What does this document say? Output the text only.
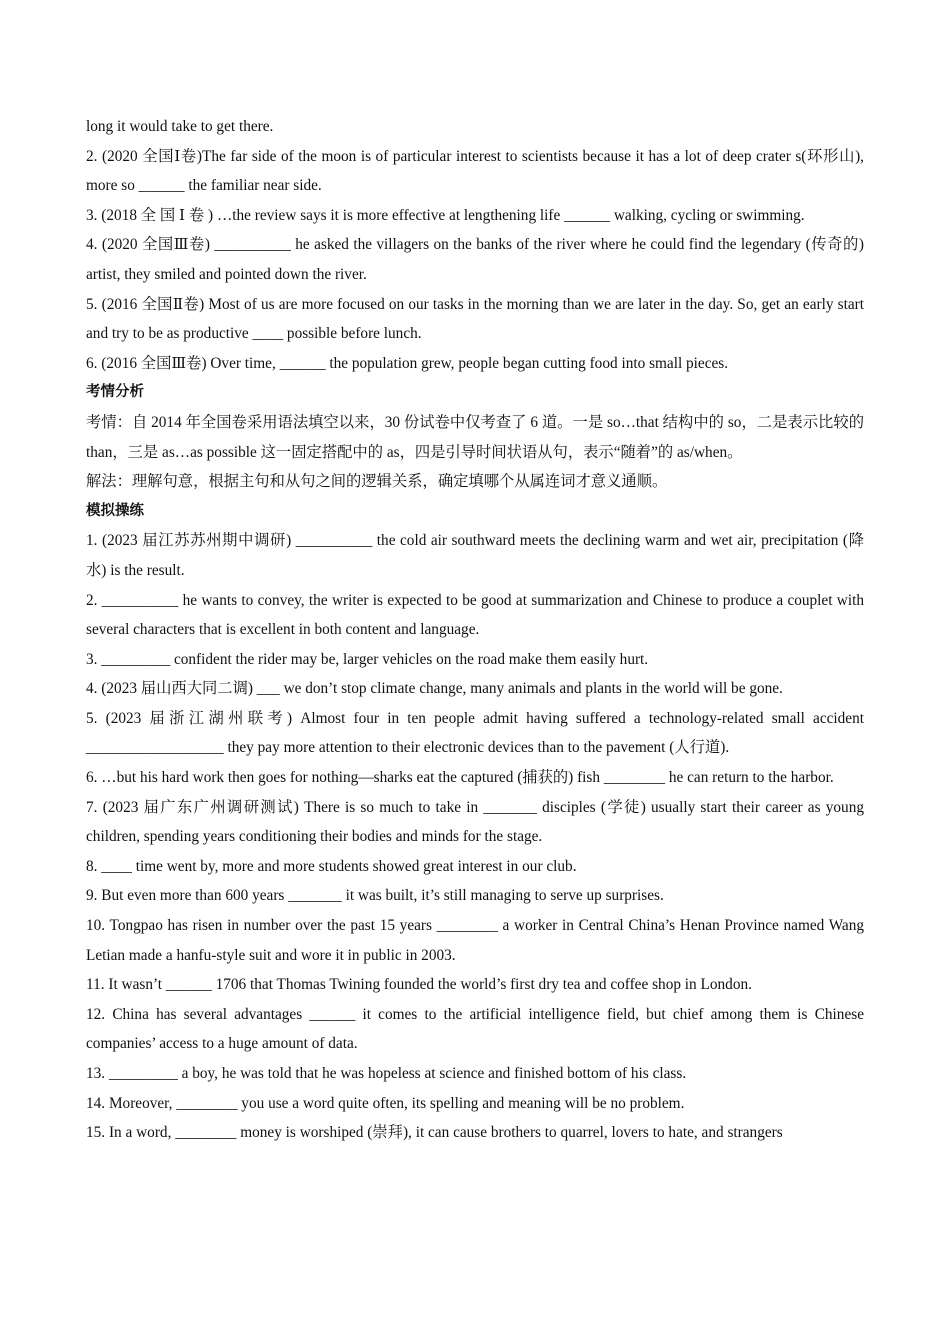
long it would take to get there.

2. (2020 全国Ⅰ卷)The far side of the moon is of particular interest to scientists because it has a lot of deep crater s(环形山), more so ______ the familiar near side.

3. (2018 全 国 Ⅰ 卷 ) …the review says it is more effective at lengthening life ______ walking, cycling or swimming.

4. (2020 全国Ⅲ卷) __________ he asked the villagers on the banks of the river where he could find the legendary (传奇的) artist, they smiled and pointed down the river.

5. (2016 全国Ⅱ卷) Most of us are more focused on our tasks in the morning than we are later in the day. So, get an early start and try to be as productive ____ possible before lunch.

6. (2016 全国Ⅲ卷) Over time, ______ the population grew, people began cutting food into small pieces.

考情分析

考情：自 2014 年全国卷采用语法填空以来，30 份试卷中仅考查了 6 道。一是 so…that 结构中的 so，二是表示比较的 than，三是 as…as possible 这一固定搭配中的 as，四是引导时间状语从句，表示“随着”的 as/when。

解法：理解句意，根据主句和从句之间的逻辑关系，确定填哪个从属连词才意义通顺。

模拟操练

1. (2023 届江苏苏州期中调研) __________ the cold air southward meets the declining warm and wet air, precipitation (降水) is the result.

2. __________ he wants to convey, the writer is expected to be good at summarization and Chinese to produce a couplet with several characters that is excellent in both content and language.

3. _________ confident the rider may be, larger vehicles on the road make them easily hurt.

4. (2023 届山西大同二调) ___ we don’t stop climate change, many animals and plants in the world will be gone.

5. (2023 届浙江湖州联考) Almost four in ten people admit having suffered a technology-related small accident __________________ they pay more attention to their electronic devices than to the pavement (人行道).

6. …but his hard work then goes for nothing—sharks eat the captured (捕获的) fish ________ he can return to the harbor.

7. (2023 届广东广州调研测试) There is so much to take in _______ disciples (学徒) usually start their career as young children, spending years conditioning their bodies and minds for the stage.

8. ____ time went by, more and more students showed great interest in our club.

9. But even more than 600 years _______ it was built, it’s still managing to serve up surprises.

10. Tongpao has risen in number over the past 15 years ________ a worker in Central China’s Henan Province named Wang Letian made a hanfu-style suit and wore it in public in 2003.

11. It wasn’t ______ 1706 that Thomas Twining founded the world’s first dry tea and coffee shop in London.

12. China has several advantages ______ it comes to the artificial intelligence field, but chief among them is Chinese companies’ access to a huge amount of data.

13. _________ a boy, he was told that he was hopeless at science and finished bottom of his class.

14. Moreover, ________ you use a word quite often, its spelling and meaning will be no problem.

15. In a word, ________ money is worshiped (崇拜), it can cause brothers to quarrel, lovers to hate, and strangers
